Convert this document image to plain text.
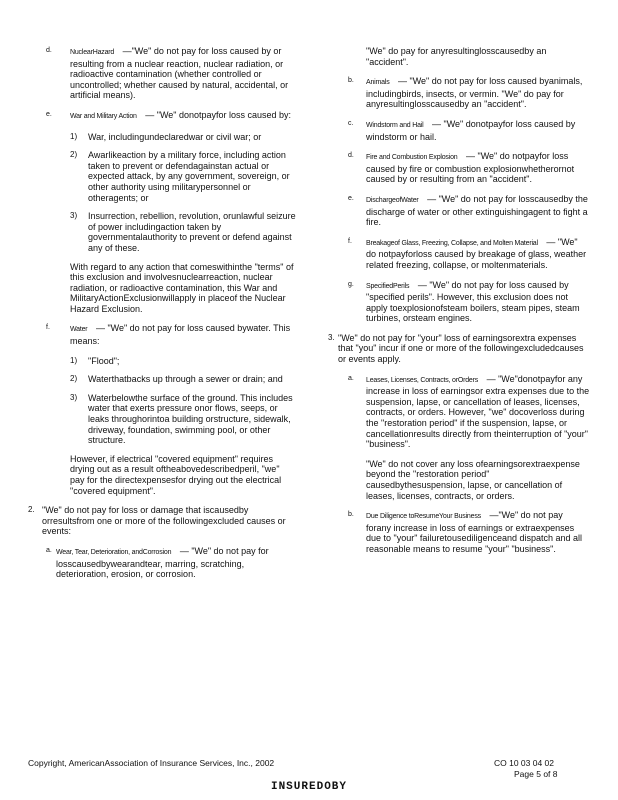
d.	NuclearHazard —"We" do not pay for loss caused by or resulting from a nuclear reaction, nuclear radiation, or radioactive contamination (whether controlled or uncontrolled; whether caused by natural, accidental, or artificial means).
e.	War and Military Action — "We" donotpayfor loss caused by:
1) War, includingundeclaredwar or civil war; or
2) Awarlikeaction by a military force, including action taken to prevent or defendagainstan actual or expected attack, by any government, sovereign, or other authority using militarypersonnel or otheragents; or
3) Insurrection, rebellion, revolution, orunlawful seizure of power includingaction taken by governmentalauthority to prevent or defend against any of these.
With regard to any action that comeswithinthe "terms" of this exclusion and involvesnuclearreaction, nuclear radiation, or radioactive contamination, this War and MilitaryActionExclusionwillapply in placeof the Nuclear Hazard Exclusion.
f.	Water — "We" do not pay for loss caused bywater. This means:
1) "Flood";
2) Waterthatbacks up through a sewer or drain; and
3) Waterbelowthe surface of the ground. This includes water that exerts pressure onor flows, seeps, or leaks throughorintoa building orstructure, sidewalk, driveway, foundation, swimming pool, or other structure.
However, if electrical "covered equipment" requires drying out as a result oftheabovedescribedperil, "we" pay for the directexpensesfor drying out the electrical "covered equipment".
2. "We" do not pay for loss or damage that iscausedby orresultsfrom one or more of the followingexcluded causes or events:
a. Wear, Tear, Deterioration, andCorrosion — "We" do not pay for losscausedbywearandtear, marring, scratching, deterioration, erosion, or corrosion.
"We" do pay for anyresultinglosscausedby an "accident".
b. Animals — "We" do not pay for loss caused byanimals, includingbirds, insects, or vermin. "We" do pay for anyresultinglosscausedby an "accident".
c. Windstorm and Hail — "We" donotpayfor loss caused by windstorm or hail.
d. Fire and Combustion Explosion — "We" do notpayfor loss caused by fire or combustion explosionwhetherornot caused by or resulting from an "accident".
e. DischargeofWater — "We" do not pay for losscausedby the discharge of water or other extinguishingagent to fight a fire.
f. Breakageof Glass, Freezing, Collapse, and Molten Material — "We" do notpayforloss caused by breakage of glass, weather related freezing, collapse, or moltenmaterials.
g. SpecifiedPerils — "We" do not pay for loss caused by "specified perils". However, this exclusion does not apply toexplosionofsteam boilers, steam pipes, steam turbines, orsteam engines.
3. "We" do not pay for "your" loss of earningsorextra expenses that "you" incur if one or more of the followingexcludedcauses or events apply.
a. Leases, Licenses, Contracts, orOrders — "We"donotpayfor any increase in loss of earningsor extra expenses due to the suspension, lapse, or cancellation of leases, licenses, contracts, or orders. However, "we" docoverloss during the "restoration period" if the suspension, lapse, or cancellationresults directly from theinterruption of "your" "business".
"We" do not cover any loss ofearningsorextraexpense beyond the "restoration period" causedbythesuspension, lapse, or cancellation of leases, licenses, contracts, or orders.
b. Due Diligence toResumeYour Business —"We" do not pay forany increase in loss of earnings or extraexpenses due to "your" failuretousediligenceand dispatch and all reasonable means to resume "your" "business".
Copyright, AmericanAssociation of Insurance Services, Inc., 2002	CO 10 03 04 02
Page 5 of 8
INSUREDOBY
